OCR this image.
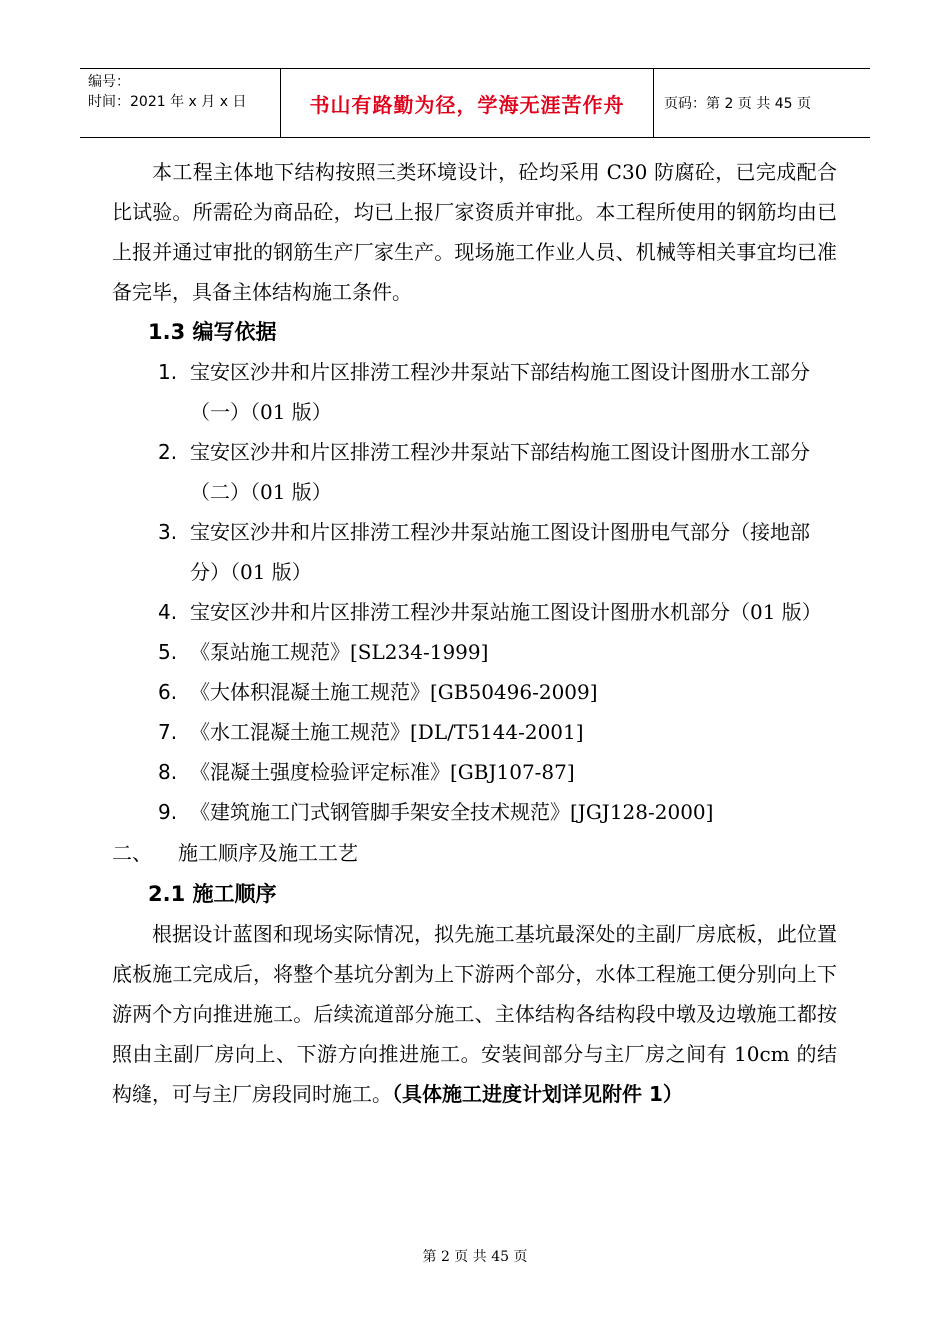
编号：
时间：2021 年 x 月 x 日	书山有路勤为径，学海无涯苦作舟	页码：第 2 页 共 45 页

本工程主体地下结构按照三类环境设计，砼均采用 C30 防腐砼，已完成配合比试验。所需砼为商品砼，均已上报厂家资质并审批。本工程所使用的钢筋均由已上报并通过审批的钢筋生产厂家生产。现场施工作业人员、机械等相关事宜均已准备完毕，具备主体结构施工条件。

1.3 编写依据

1. 宝安区沙井和片区排涝工程沙井泵站下部结构施工图设计图册水工部分（一）（01 版）
2. 宝安区沙井和片区排涝工程沙井泵站下部结构施工图设计图册水工部分（二）（01 版）
3. 宝安区沙井和片区排涝工程沙井泵站施工图设计图册电气部分（接地部分）（01 版）
4. 宝安区沙井和片区排涝工程沙井泵站施工图设计图册水机部分（01 版）
5. 《泵站施工规范》[SL234-1999]
6. 《大体积混凝土施工规范》[GB50496-2009]
7. 《水工混凝土施工规范》[DL/T5144-2001]
8. 《混凝土强度检验评定标准》[GBJ107-87]
9. 《建筑施工门式钢管脚手架安全技术规范》[JGJ128-2000]

二、 施工顺序及施工工艺

2.1 施工顺序

根据设计蓝图和现场实际情况，拟先施工基坑最深处的主副厂房底板，此位置底板施工完成后，将整个基坑分割为上下游两个部分，水体工程施工便分别向上下游两个方向推进施工。后续流道部分施工、主体结构各结构段中墩及边墩施工都按照由主副厂房向上、下游方向推进施工。安装间部分与主厂房之间有 10cm 的结构缝，可与主厂房段同时施工。（具体施工进度计划详见附件 1）

第 2 页 共 45 页
